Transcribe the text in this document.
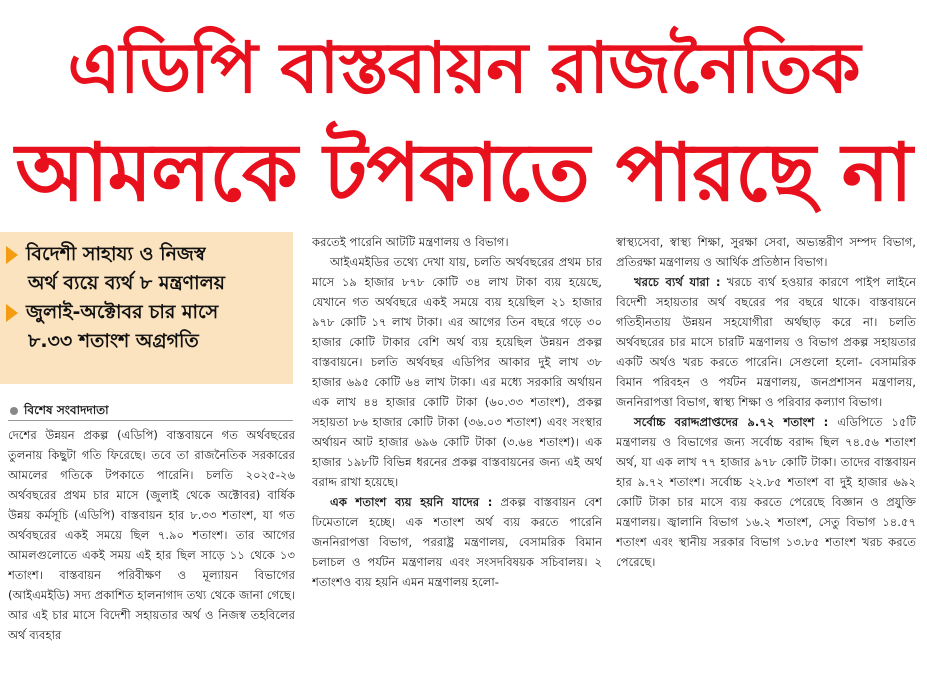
এডিপি বাস্তবায়ন রাজনৈতিক
আমলকে টপকাতে পারছে না
বিদেশী সাহায্য ও নিজস্ব
অর্থ ব্যয়ে ব্যর্থ ৮ মন্ত্রণালয়
জুলাই-অক্টোবর চার মাসে
৮.৩৩ শতাংশ অগ্রগতি
বিশেষ সংবাদদাতা

দেশের উন্নয়ন প্রকল্প (এডিপি) বাস্তবায়নে গত অর্থবছরের তুলনায় কিছুটা গতি ফিরেছে। তবে তা রাজনৈতিক সরকারের আমলের গতিকে টপকাতে পারেনি। চলতি ২০২৫-২৬ অর্থবছরের প্রথম চার মাসে (জুলাই থেকে অক্টোবর) বার্ষিক উন্নয় কর্মসূচি (এডিপি) বাস্তবায়ন হার ৮.৩৩ শতাংশ, যা গত অর্থবছরের একই সময়ে ছিল ৭.৯০ শতাংশ। তার আগের আমলগুলোতে একই সময় এই হার ছিল সাড়ে ১১ থেকে ১৩ শতাংশ। বাস্তবায়ন পরিবীক্ষণ ও মূল্যায়ন বিভাগের (আইএমইডি) সদ্য প্রকাশিত হালনাগাদ তথ্য থেকে জানা গেছে। আর এই চার মাসে বিদেশী সহায়তার অর্থ ও নিজস্ব তহবিলের অর্থ ব্যবহার

করতেই পারেনি আটটি মন্ত্রণালয় ও বিভাগ।

আইএমইডির তথ্যে দেখা যায়, চলতি অর্থবছরের প্রথম চার মাসে ১৯ হাজার ৮৭৮ কোটি ৩৪ লাখ টাকা ব্যয় হয়েছে, যেখানে গত অর্থবছরে একই সময়ে ব্যয় হয়েছিল ২১ হাজার ৯৭৮ কোটি ১৭ লাখ টাকা। এর আগের তিন বছরে গড়ে ৩০ হাজার কোটি টাকার বেশি অর্থ ব্যয় হয়েছিল উন্নয়ন প্রকল্প বাস্তবায়নে। চলতি অর্থবছর এডিপির আকার দুই লাখ ৩৮ হাজার ৬৯৫ কোটি ৬৪ লাখ টাকা। এর মধ্যে সরকারি অর্থায়ন এক লাখ ৪৪ হাজার কোটি টাকা (৬০.৩৩ শতাংশ), প্রকল্প সহায়তা ৮৬ হাজার কোটি টাকা (৩৬.০৩ শতাংশ) এবং সংস্থার অর্থায়ন আট হাজার ৬৯৬ কোটি টাকা (৩.৬৪ শতাংশ)। এক হাজার ১৯৮টি বিভিন্ন ধরনের প্রকল্প বাস্তবায়নের জন্য এই অর্থ বরাদ্দ রাখা হয়েছে।

এক শতাংশ ব্যয় হয়নি যাদের : প্রকল্প বাস্তবায়ন বেশ ঢিমেতালে হচ্ছে। এক শতাংশ অর্থ ব্যয় করতে পারেনি জননিরাপত্তা বিভাগ, পররাষ্ট্র মন্ত্রণালয়, বেসামরিক বিমান চলাচল ও পর্যটন মন্ত্রণালয় এবং সংসদবিষয়ক সচিবালয়। ২ শতাংশও ব্যয় হয়নি এমন মন্ত্রণালয় হলো-

স্বাস্থ্যসেবা, স্বাস্থ্য শিক্ষা, সুরক্ষা সেবা, অভ্যন্তরীণ সম্পদ বিভাগ, প্রতিরক্ষা মন্ত্রণালয় ও আর্থিক প্রতিষ্ঠান বিভাগ।

খরচে ব্যর্থ যারা : খরচে ব্যর্থ হওয়ার কারণে পাইপ লাইনে বিদেশী সহায়তার অর্থ বছরের পর বছরে থাকে। বাস্তবায়নে গতিহীনতায় উন্নয়ন সহযোগীরা অর্থছাড় করে না। চলতি অর্থবছরের চার মাসে চারটি মন্ত্রণালয় ও বিভাগ প্রকল্প সহায়তার একটি অর্থও খরচ করতে পারেনি। সেগুলো হলো- বেসামরিক বিমান পরিবহন ও পর্যটন মন্ত্রণালয়, জনপ্রশাসন মন্ত্রণালয়, জননিরাপত্তা বিভাগ, স্বাস্থ্য শিক্ষা ও পরিবার কল্যাণ বিভাগ।

সর্বোচ্চ বরাদ্দপ্রাপ্তদের ৯.৭২ শতাংশ : এডিপিতে ১৫টি মন্ত্রণালয় ও বিভাগের জন্য সর্বোচ্চ বরাদ্দ ছিল ৭৪.৫৬ শতাংশ অর্থ, যা এক লাখ ৭৭ হাজার ৯৭৮ কোটি টাকা। তাদের বাস্তবায়ন হার ৯.৭২ শতাংশ। সর্বোচ্চ ২২.৮৫ শতাংশ বা দুই হাজার ৬৯২ কোটি টাকা চার মাসে ব্যয় করতে পেরেছে বিজ্ঞান ও প্রযুক্তি মন্ত্রণালয়। জ্বালানি বিভাগ ১৬.২ শতাংশ, সেতু বিভাগ ১৪.৫৭ শতাংশ এবং স্থানীয় সরকার বিভাগ ১৩.৮৫ শতাংশ খরচ করতে পেরেছে।
